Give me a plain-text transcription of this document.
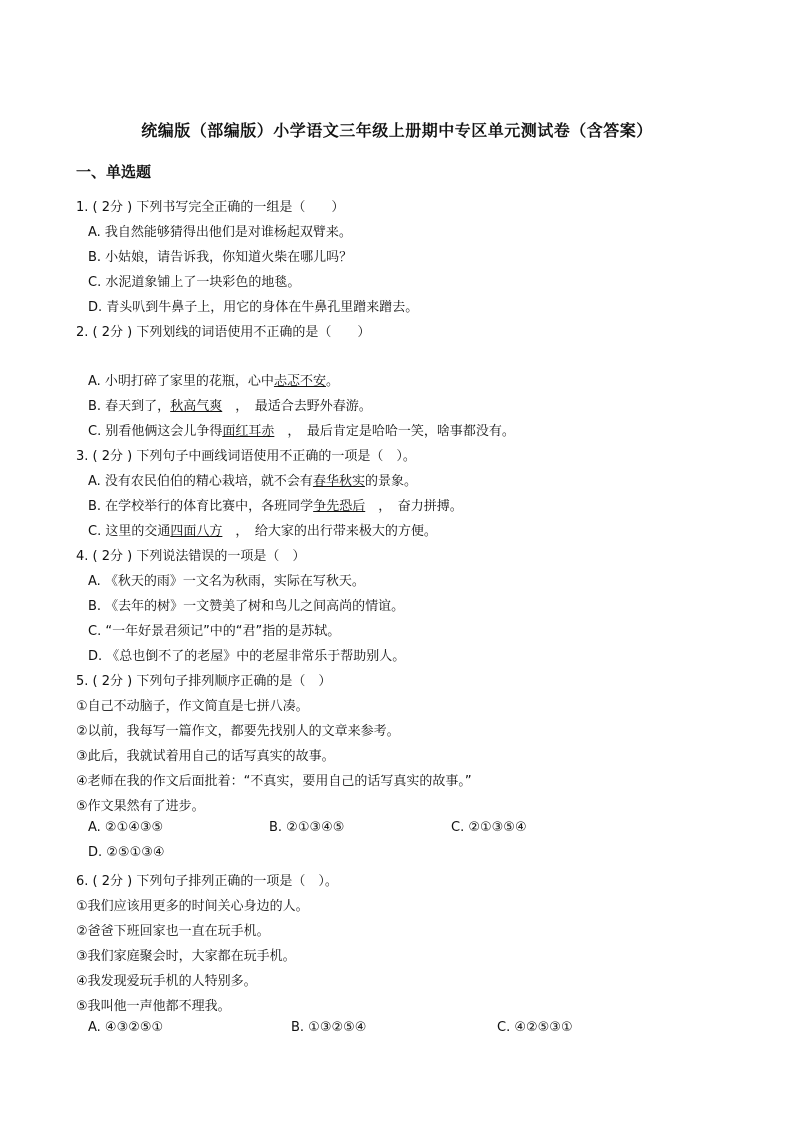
统编版（部编版）小学语文三年级上册期中专区单元测试卷（含答案）
一、单选题
1. ( 2分 ) 下列书写完全正确的一组是（　　）
A. 我自然能够猜得出他们是对谁杨起双臂来。
B. 小姑娘，请告诉我，你知道火柴在哪儿吗？
C. 水泥道象铺上了一块彩色的地毯。
D. 青头叭到牛鼻子上，用它的身体在牛鼻孔里蹭来蹭去。
2. ( 2分 ) 下列划线的词语使用不正确的是（　　）
A. 小明打碎了家里的花瓶，心中忐忑不安。
B. 春天到了，秋高气爽　，　最适合去野外春游。
C. 别看他俩这会儿争得面红耳赤　，　最后肯定是哈哈一笑，啥事都没有。
3. ( 2分 ) 下列句子中画线词语使用不正确的一项是（　）。
A. 没有农民伯伯的精心栽培，就不会有春华秋实的景象。
B. 在学校举行的体育比赛中，各班同学争先恐后　，　奋力拼搏。
C. 这里的交通四面八方　，　给大家的出行带来极大的方便。
4. ( 2分 ) 下列说法错误的一项是（　）
A. 《秋天的雨》一文名为秋雨，实际在写秋天。
B. 《去年的树》一文赞美了树和鸟儿之间高尚的情谊。
C. “一年好景君须记”中的“君”指的是苏轼。
D. 《总也倒不了的老屋》中的老屋非常乐于帮助别人。
5. ( 2分 ) 下列句子排列顺序正确的是（　）
①自己不动脑子，作文简直是七拼八凑。
②以前，我每写一篇作文，都要先找别人的文章来参考。
③此后，我就试着用自己的话写真实的故事。
④老师在我的作文后面批着：“不真实，要用自己的话写真实的故事。”
⑤作文果然有了进步。
A. ②①④③⑤	B. ②①③④⑤	C. ②①③⑤④
D. ②⑤①③④
6. ( 2分 ) 下列句子排列正确的一项是（　）。
①我们应该用更多的时间关心身边的人。
②爸爸下班回家也一直在玩手机。
③我们家庭聚会时，大家都在玩手机。
④我发现爱玩手机的人特别多。
⑤我叫他一声他都不理我。
A. ④③②⑤①	B. ①③②⑤④	C. ④②⑤③①
